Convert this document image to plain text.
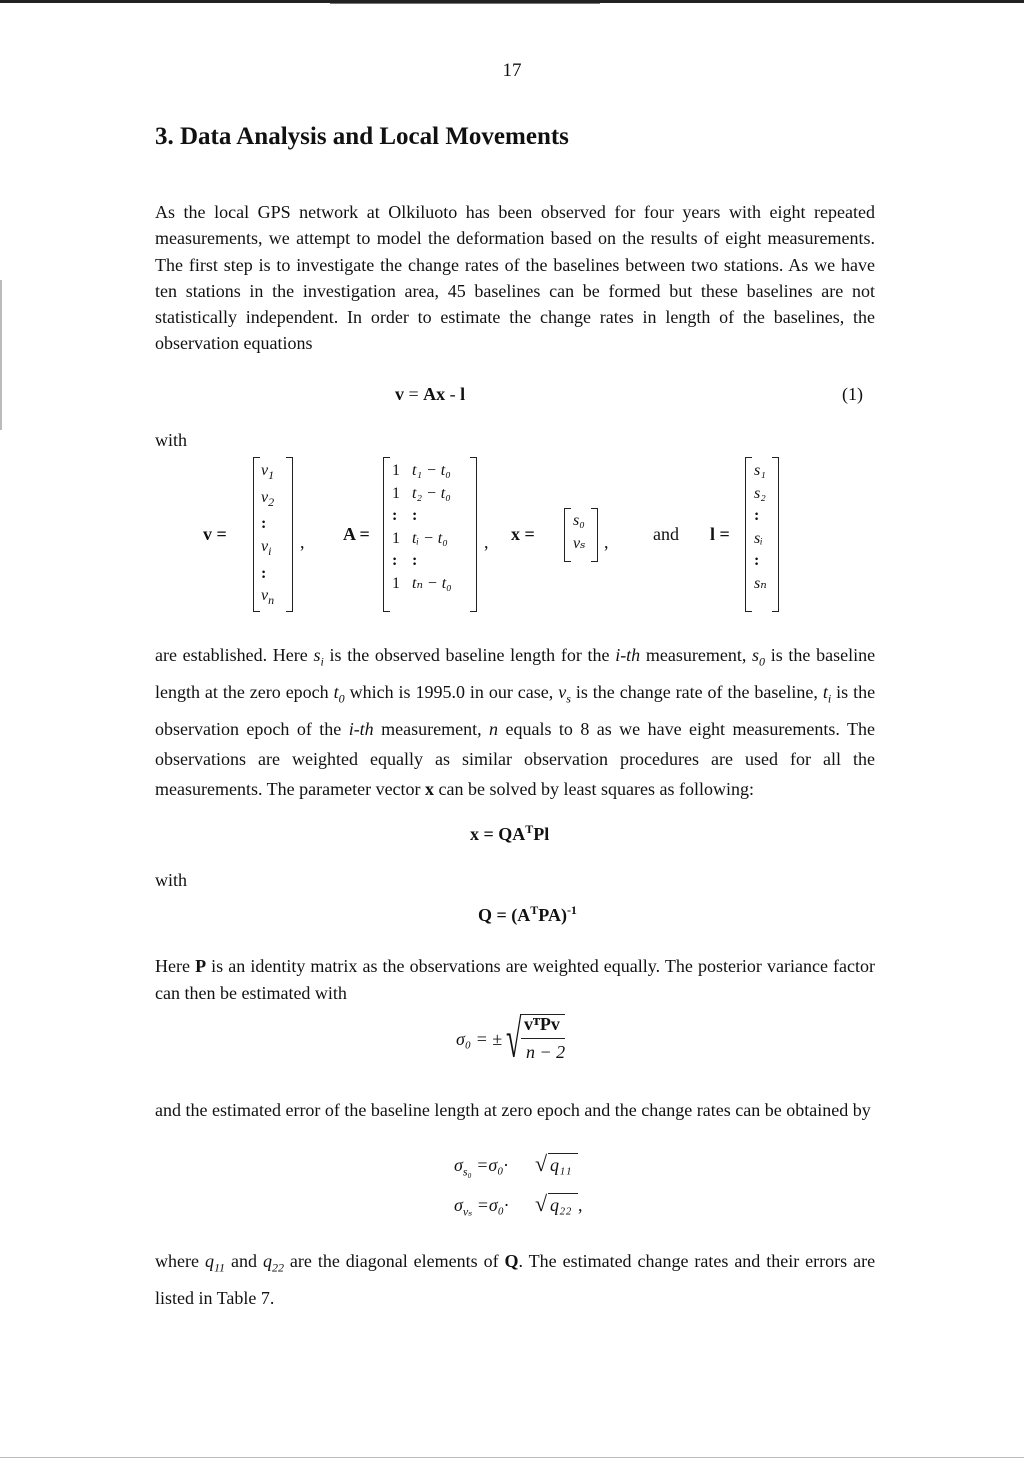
17
3. Data Analysis and Local Movements
As the local GPS network at Olkiluoto has been observed for four years with eight repeated measurements, we attempt to model the deformation based on the results of eight measurements. The first step is to investigate the change rates of the baselines between two stations. As we have ten stations in the investigation area, 45 baselines can be formed but these baselines are not statistically independent. In order to estimate the change rates in length of the baselines, the observation equations
v = Ax - l	(1)
with
v =
$v_1$
$v_2$
:
$v_i$
:
$v_n$
, A =
1
1
:
1
:
1
t₁ − t₀
t₂ − t₀
:
tᵢ − t₀
:
tₙ − t₀
, x =
s₀
vₛ	, and l =
s₁
s₂
:
sᵢ
:
sₙ
are established. Here $s_i$ is the observed baseline length for the i-th measurement, $s_0$ is the baseline length at the zero epoch $t_0$ which is 1995.0 in our case, $v_s$ is the change rate of the baseline, $t_i$ is the observation epoch of the i-th measurement, n equals to 8 as we have eight measurements. The observations are weighted equally as similar observation procedures are used for all the measurements. The parameter vector x can be solved by least squares as following:
$x = QA^TPl$
with
$Q = (A^TPA)^{-1}$
Here P is an identity matrix as the observations are weighted equally. The posterior variance factor can then be estimated with
σ₀ = ± √ vᵀPv
n − 2
and the estimated error of the baseline length at zero epoch and the change rates can be obtained by
$\sigma_{s_0} =\sigma_0\cdot$ √ q₁₁
$\sigma_{v_s} =\sigma_0\cdot$ √ q₂₂ ,
where $q_{11}$ and $q_{22}$ are the diagonal elements of Q. The estimated change rates and their errors are listed in Table 7.
